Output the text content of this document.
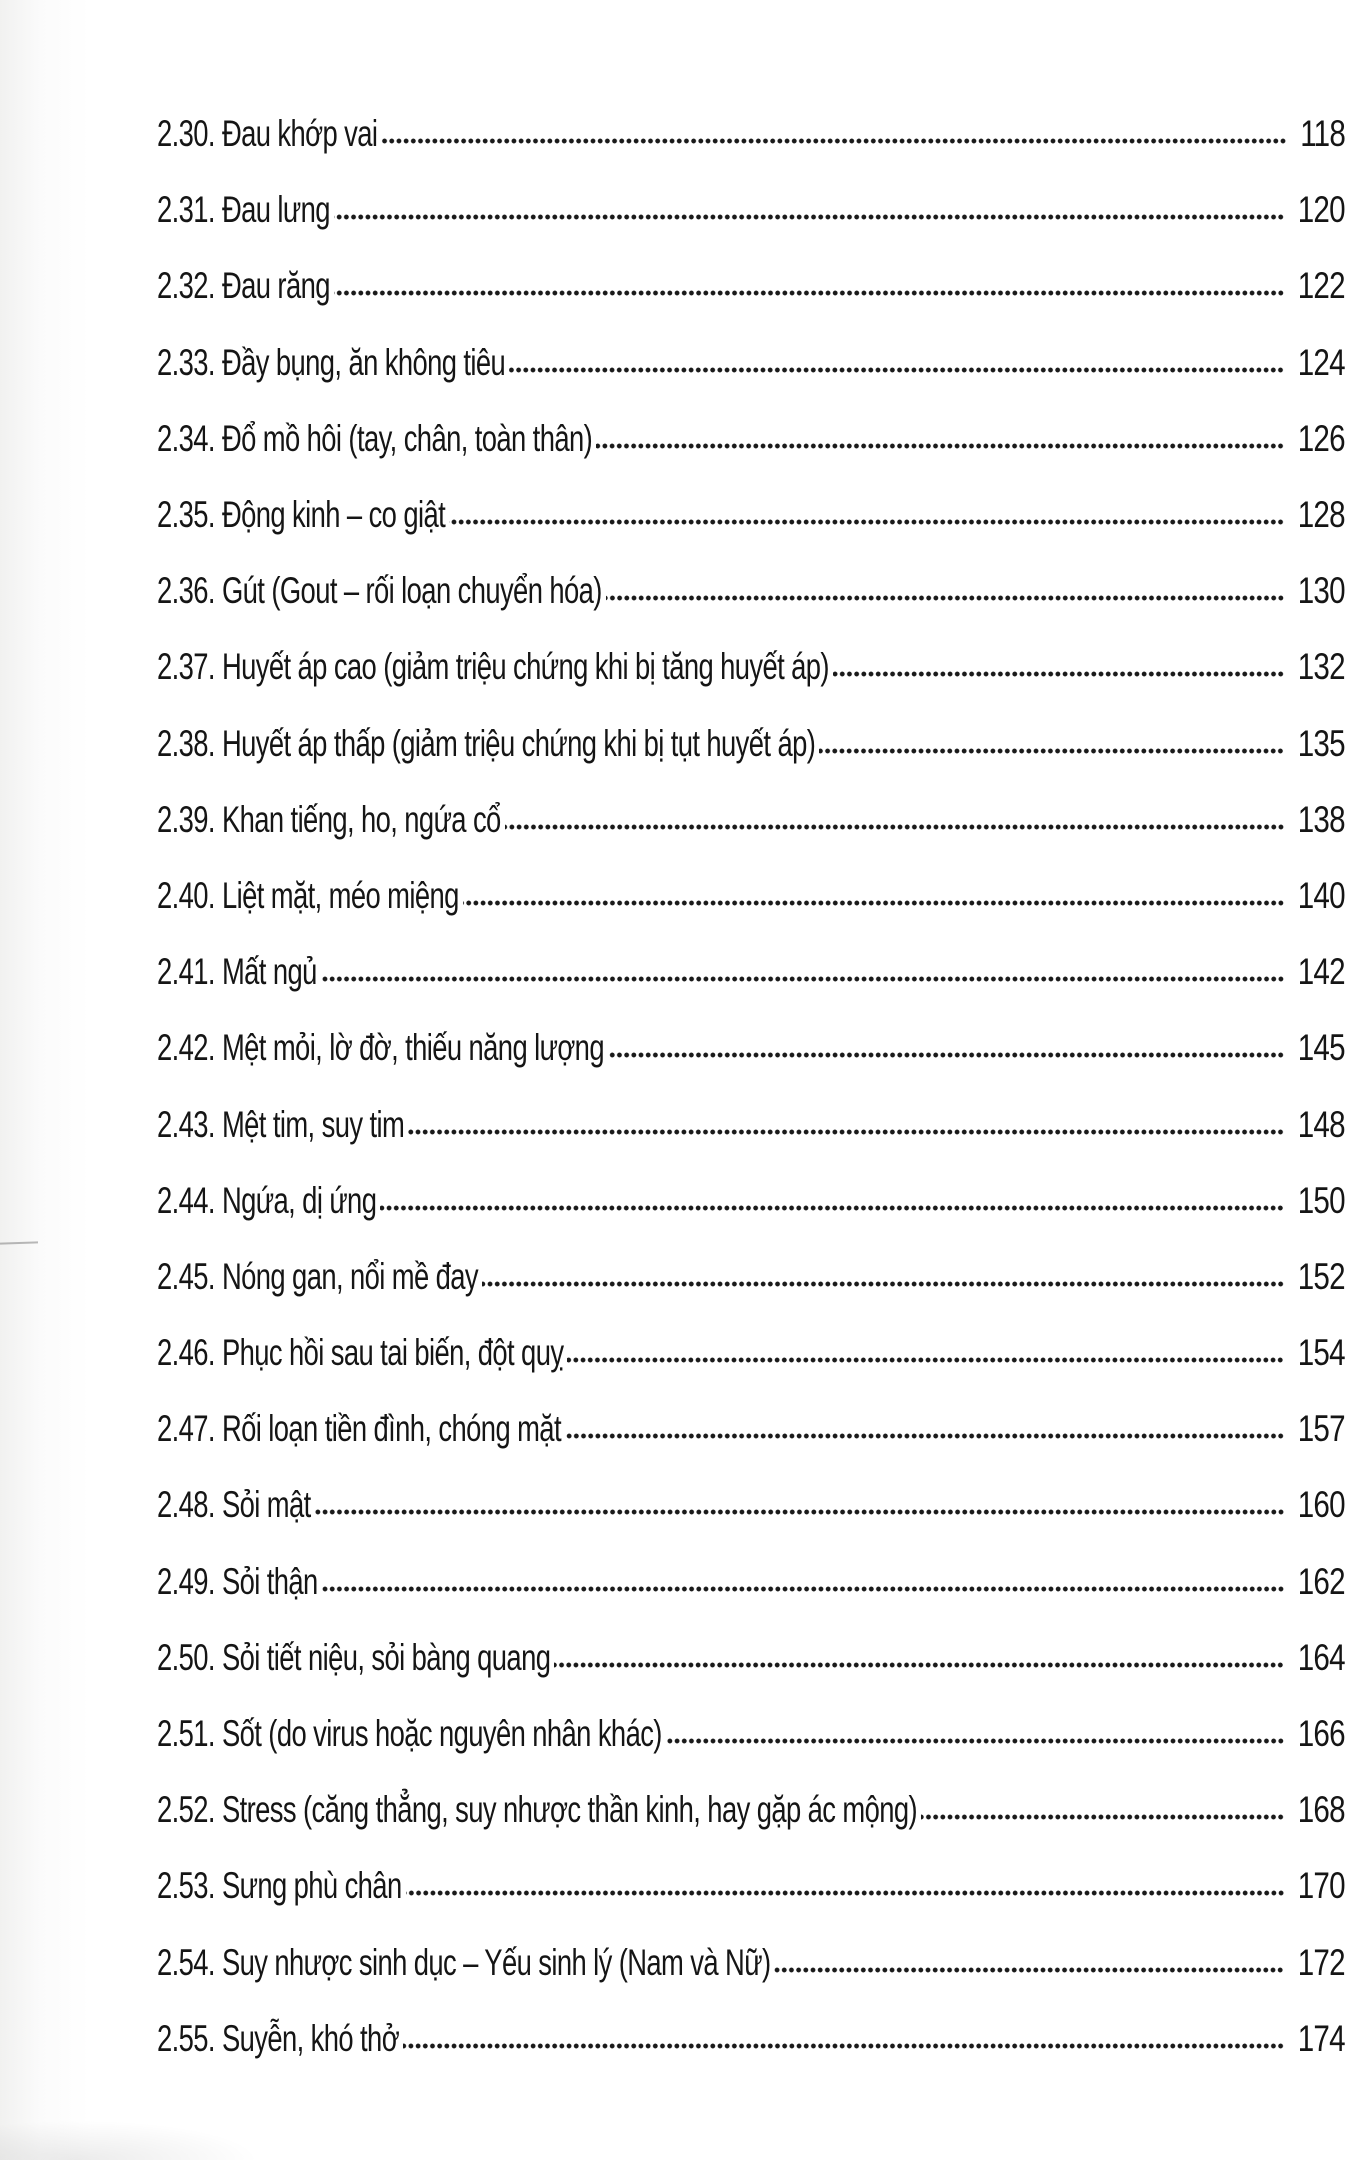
2.30. Đau khớp vai	118
2.31. Đau lưng	120
2.32. Đau răng	122
2.33. Đầy bụng, ăn không tiêu	124
2.34. Đổ mồ hôi (tay, chân, toàn thân)	126
2.35. Động kinh – co giật	128
2.36. Gút (Gout – rối loạn chuyển hóa)	130
2.37. Huyết áp cao (giảm triệu chứng khi bị tăng huyết áp)	132
2.38. Huyết áp thấp (giảm triệu chứng khi bị tụt huyết áp)	135
2.39. Khan tiếng, ho, ngứa cổ	138
2.40. Liệt mặt, méo miệng	140
2.41. Mất ngủ	142
2.42. Mệt mỏi, lờ đờ, thiếu năng lượng	145
2.43. Mệt tim, suy tim	148
2.44. Ngứa, dị ứng	150
2.45. Nóng gan, nổi mề đay	152
2.46. Phục hồi sau tai biến, đột quỵ	154
2.47. Rối loạn tiền đình, chóng mặt	157
2.48. Sỏi mật	160
2.49. Sỏi thận	162
2.50. Sỏi tiết niệu, sỏi bàng quang	164
2.51. Sốt (do virus hoặc nguyên nhân khác)	166
2.52. Stress (căng thẳng, suy nhược thần kinh, hay gặp ác mộng)	168
2.53. Sưng phù chân	170
2.54. Suy nhược sinh dục – Yếu sinh lý (Nam và Nữ)	172
2.55. Suyễn, khó thở	174
